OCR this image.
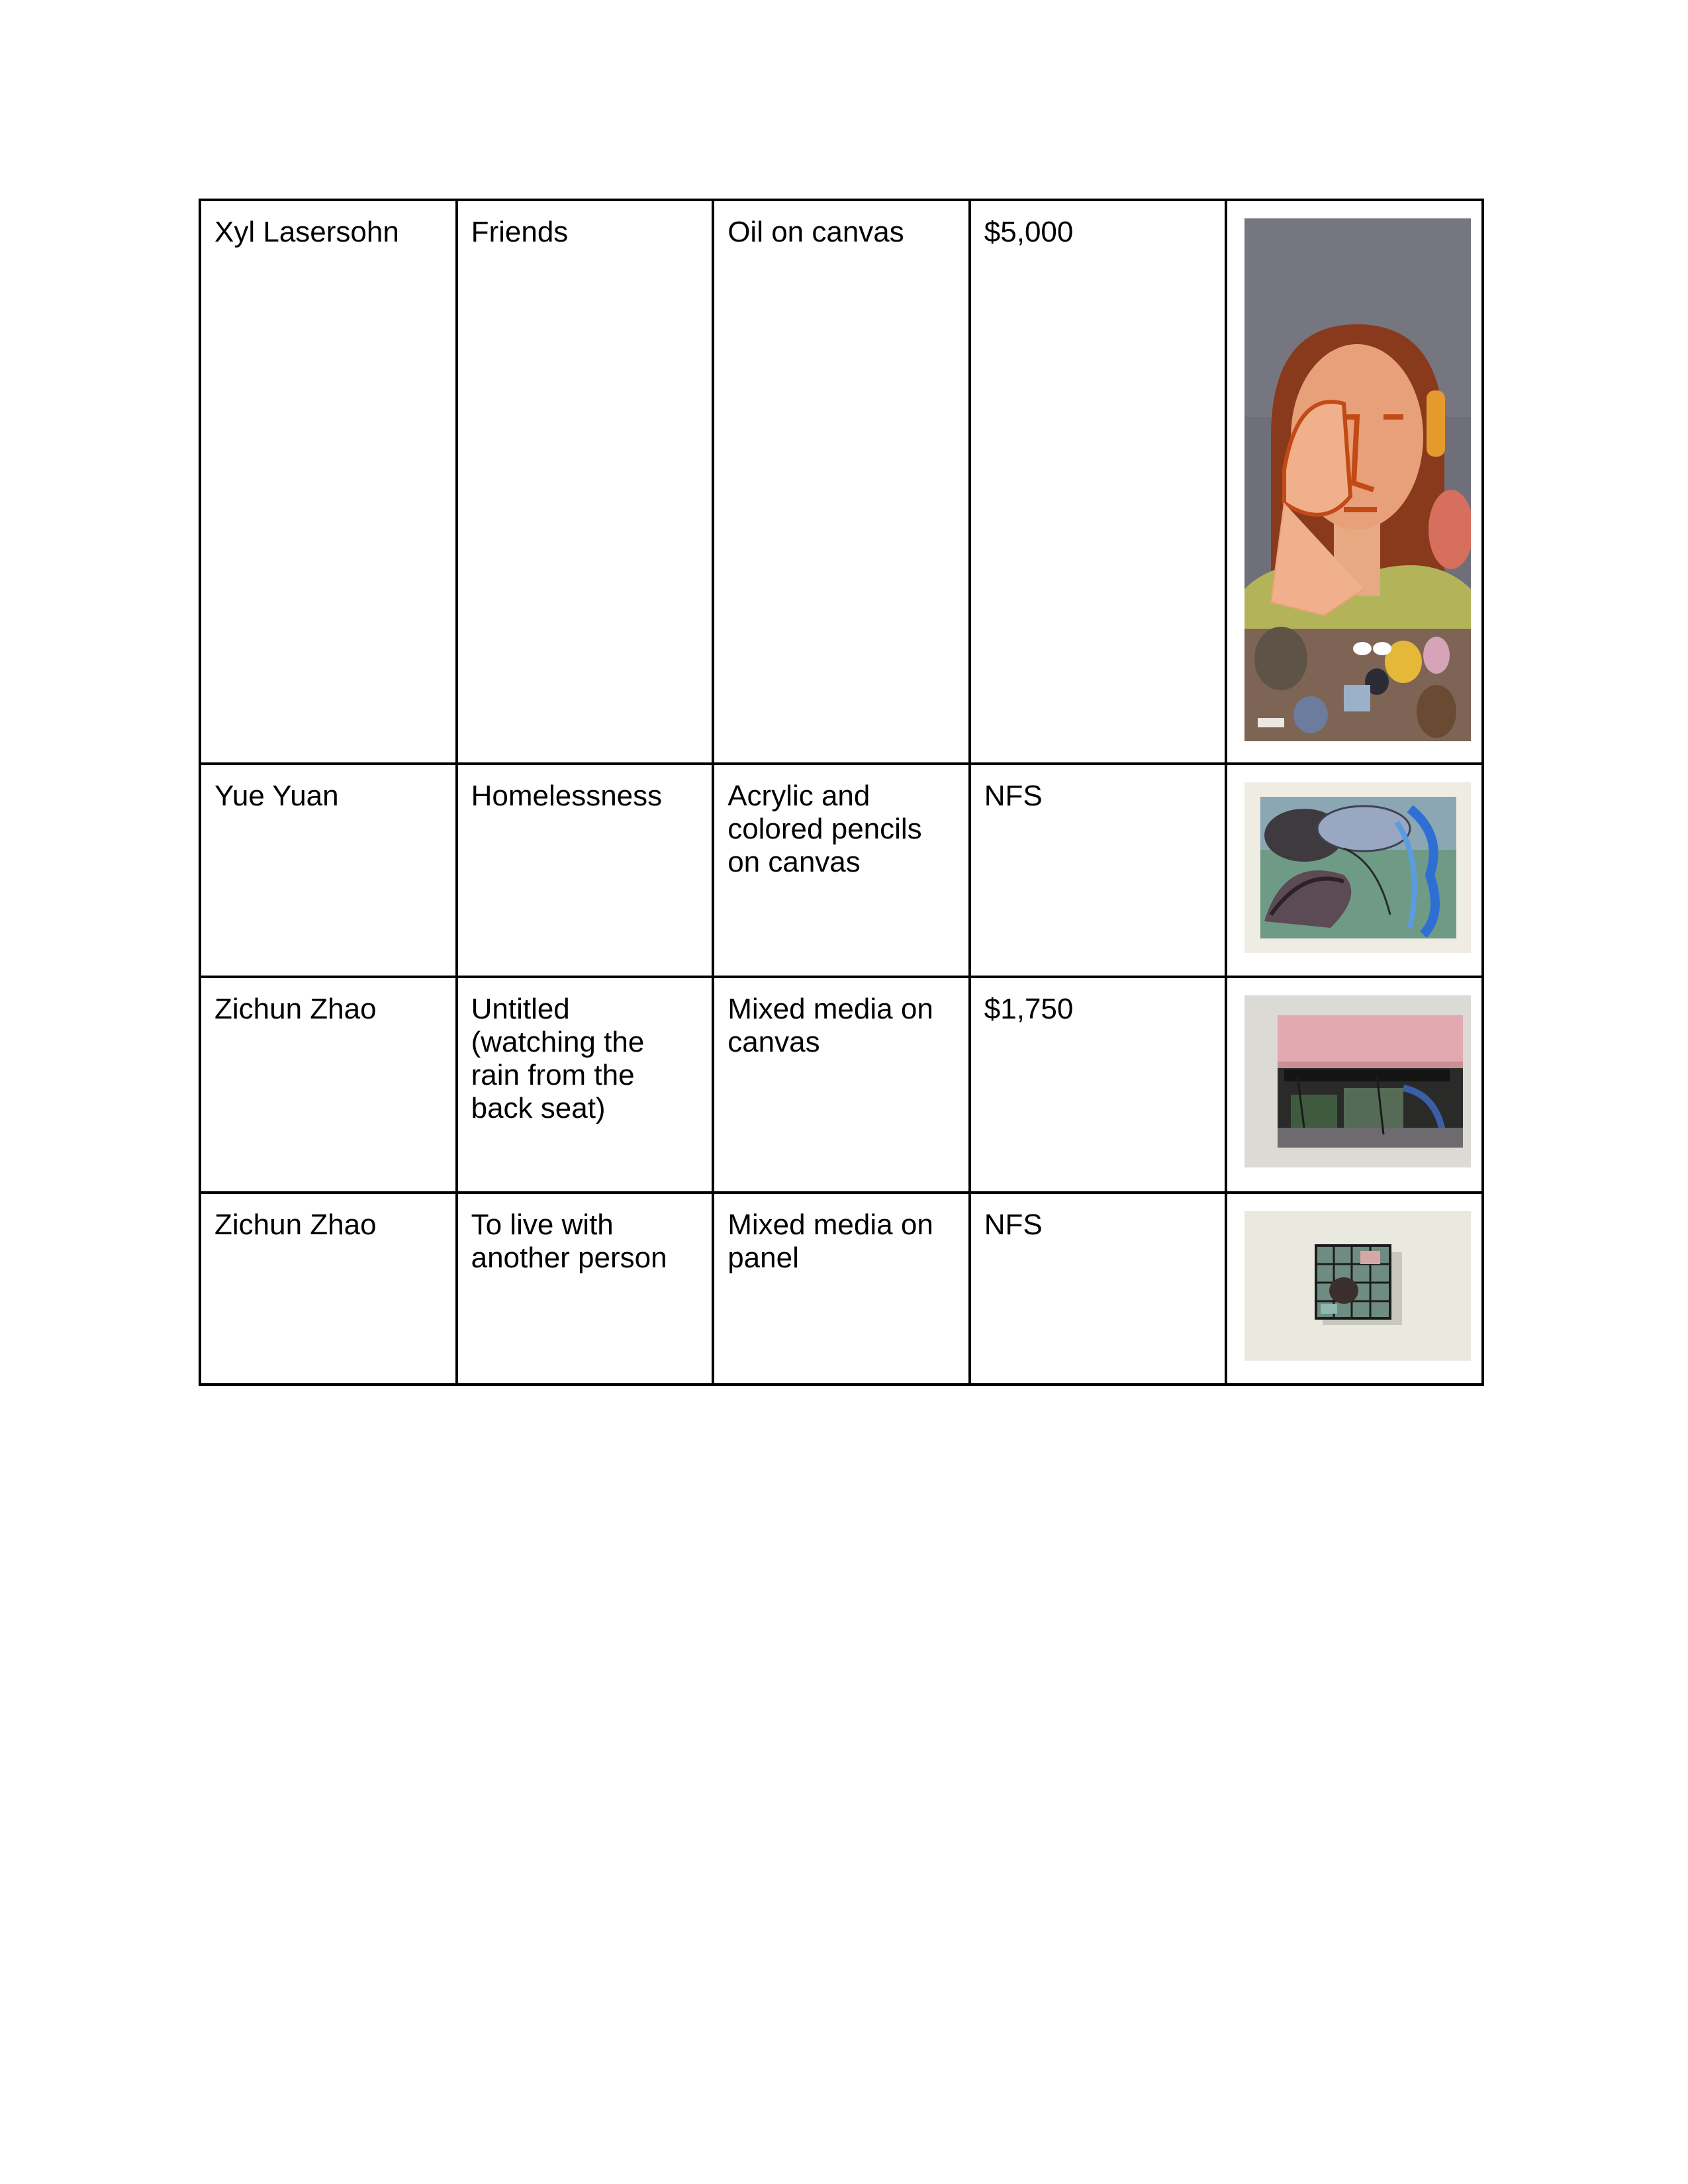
Xyl Lasersohn	Friends	Oil on canvas	$5,000

Yue Yuan	Homelessness	Acrylic and colored pencils on canvas	NFS

Zichun Zhao	Untitled (watching the rain from the back seat)	Mixed media on canvas	$1,750

Zichun Zhao	To live with another person	Mixed media on panel	NFS
